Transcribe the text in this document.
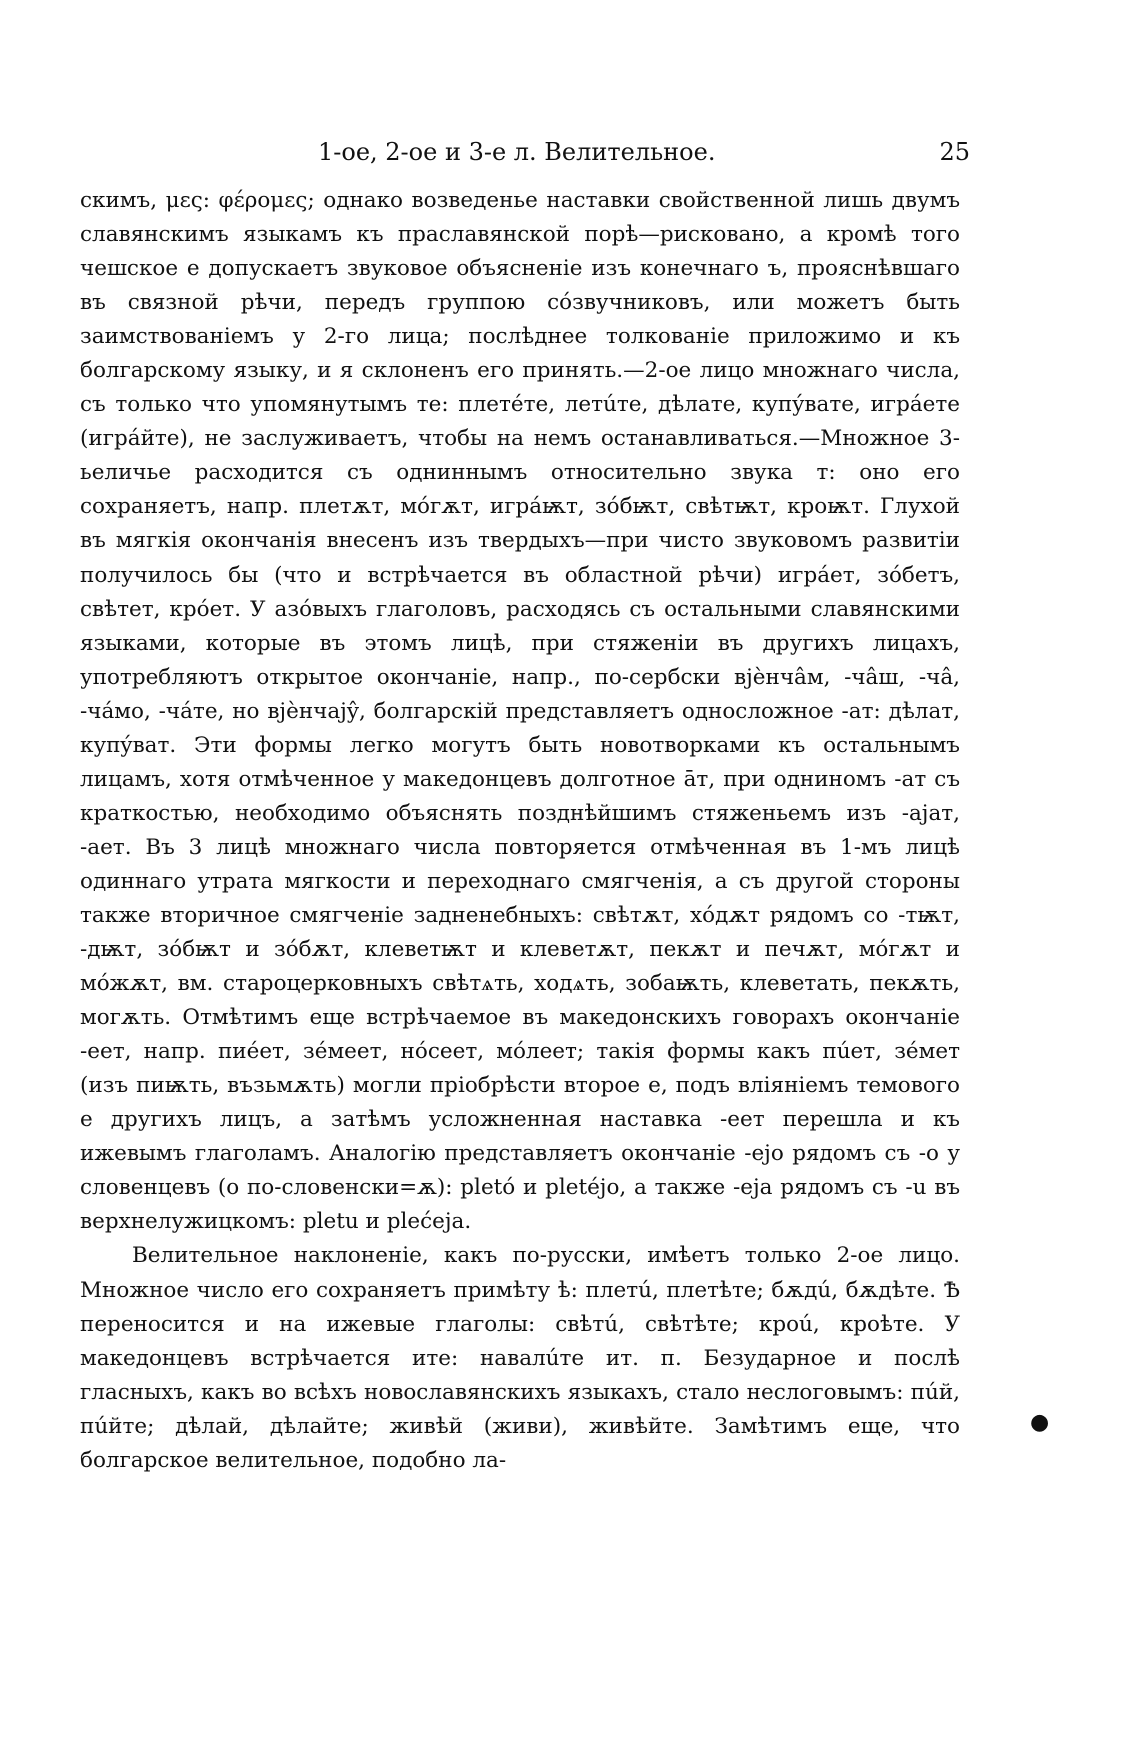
1-ое, 2-ое и 3-е л. Велительное.	25

скимъ, μες: φέρομες; однако возведенье наставки свойственной лишь двумъ славянскимъ языкамъ къ праславянской порѣ—рисковано, а кромѣ того чешское е допускаетъ звуковое объясненіе изъ конечнаго ъ, прояснѣвшаго въ связной рѣчи, передъ группою сóзвучниковъ, или можетъ быть заимствованіемъ у 2-го лица; послѣднее толкованіе приложимо и къ болгарскому языку, и я склоненъ его принять.—2-ое лицо множнаго числа, съ только что упомянутымъ те: плетéте, летúте, дѣлате, купýвате, игрáете (игрáйте), не заслуживаетъ, чтобы на немъ останавливаться.—Множное 3-ьеличье расходится съ одниннымъ относительно звука т: оно его сохраняетъ, напр. плетѫт, мóгѫт, игрáѭт, зóбѭт, свѣтѭт, кроѭт. Глухой въ мягкія окончанія внесенъ изъ твердыхъ—при чисто звуковомъ развитіи получилось бы (что и встрѣчается въ областной рѣчи) игрáет, зóбетъ, свѣтет, крóет. У азóвыхъ глаголовъ, расходясь съ остальными славянскими языками, которые въ этомъ лицѣ, при стяженіи въ другихъ лицахъ, употребляютъ открытое окончаніе, напр., по-сербски вjèнчâм, -чâш, -чâ, -чáмо, -чáте, но вjèнчаjŷ, болгарскій представляетъ односложное -ат: дѣлат, купýват. Эти формы легко могутъ быть новотворками къ остальнымъ лицамъ, хотя отмѣченное у македонцевъ долготное āт, при одниномъ -ат съ краткостью, необходимо объяснять позднѣйшимъ стяженьемъ изъ -ajат, -ает. Въ 3 лицѣ множнаго числа повторяется отмѣченная въ 1-мъ лицѣ одиннаго утрата мягкости и переходнаго смягченія, а съ другой стороны также вторичное смягченіе задненебныхъ: свѣтѫт, хóдѫт рядомъ со -тѭт, -дѭт, зóбѭт и зóбѫт, клеветѭт и клеветѫт, пекѫт и печѫт, мóгѫт и мóжѫт, вм. староцерковныхъ свѣтѧть, ходѧть, зобаѭть, клеветать, пекѫть, могѫть. Отмѣтимъ еще встрѣчаемое въ македонскихъ говорахъ окончаніе -еет, напр. пиéет, зéмеет, нóсеет, мóлеет; такія формы какъ пúет, зéмет (изъ пиѭть, възьмѫть) могли пріобрѣсти второе е, подъ вліяніемъ темового е другихъ лицъ, а затѣмъ усложненная наставка -еет перешла и къ ижевымъ глаголамъ. Аналогію представляетъ окончаніе -ejo рядомъ съ -о у словенцевъ (о по-словенски=ѫ): pletó и pletéjo, а также -eja рядомъ съ -u въ верхнелужицкомъ: pletu и plećeja.

Велительное наклоненіе, какъ по-русски, имѣетъ только 2-ое лицо. Множное число его сохраняетъ примѣту ѣ: плетú, плетѣте; бѫдú, бѫдѣте. Ѣ переносится и на ижевые глаголы: свѣтú, свѣтѣте; кроú, кроѣте. У македонцевъ встрѣчается ите: навалúте ит. п. Безударное и послѣ гласныхъ, какъ во всѣхъ новославянскихъ языкахъ, стало неслоговымъ: пúй, пúйте; дѣлай, дѣлайте; живѣй (живи), живѣйте. Замѣтимъ еще, что болгарское велительное, подобно ла-

●
